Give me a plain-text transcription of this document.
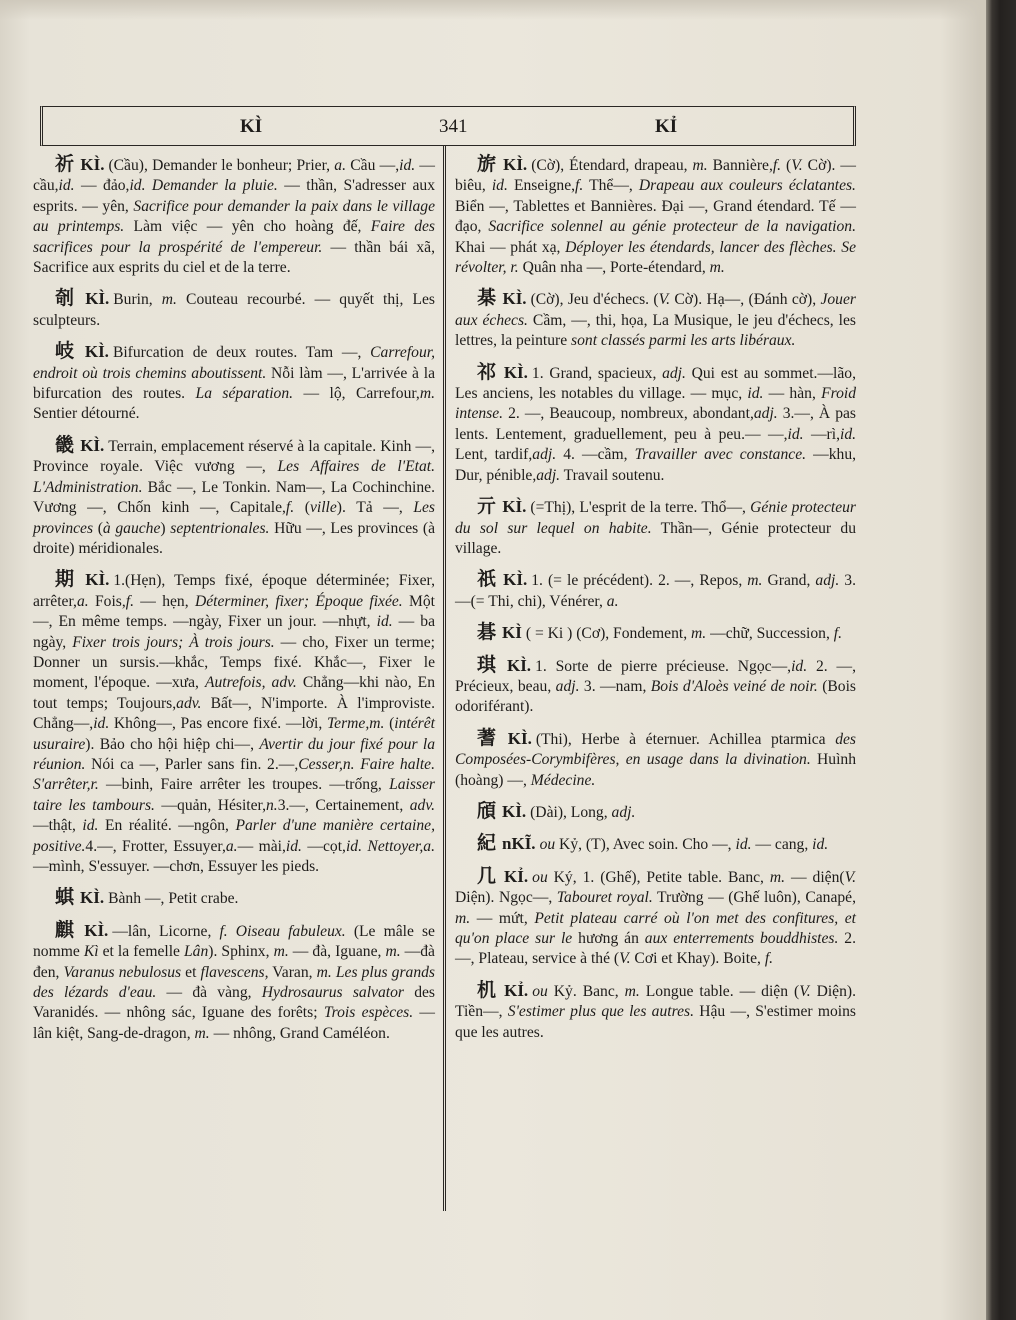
KÌ	341	KỈ

祈 KÌ. (Cầu), Demander le bonheur; Prier, a. Cầu —,id. — cầu,id. — đảo,id. Demander la pluie. — thần, S'adresser aux esprits. — yên, Sacrifice pour demander la paix dans le village au printemps. Làm việc — yên cho hoàng đế, Faire des sacrifices pour la prospérité de l'empereur. — thần bái xã, Sacrifice aux esprits du ciel et de la terre.

剞 KÌ. Burin, m. Couteau recourbé. — quyết thị, Les sculpteurs.

岐 KÌ. Bifurcation de deux routes. Tam —, Carrefour, endroit où trois chemins aboutissent. Nỗi làm —, L'arrivée à la bifurcation des routes. La séparation. — lộ, Carrefour,m. Sentier détourné.

畿 KÌ. Terrain, emplacement réservé à la capitale. Kinh —, Province royale. Việc vương —, Les Affaires de l'Etat. L'Administration. Bắc —, Le Tonkin. Nam—, La Cochinchine. Vương —, Chốn kinh —, Capitale,f. (ville). Tả —, Les provinces (à gauche) septentrionales. Hữu —, Les provinces (à droite) méridionales.

期 KÌ. 1.(Hẹn), Temps fixé, époque déterminée; Fixer, arrêter,a. Fois,f. — hẹn, Déterminer, fixer; Époque fixée. Một—, En même temps. —ngày, Fixer un jour. —nhựt, id. — ba ngày, Fixer trois jours; À trois jours. — cho, Fixer un terme; Donner un sursis.—khắc, Temps fixé. Khắc—, Fixer le moment, l'époque. —xưa, Autrefois, adv. Chẳng—khi nào, En tout temps; Toujours,adv. Bất—, N'importe. À l'improviste. Chẳng—,id. Không—, Pas encore fixé. —lời, Terme,m. (intérêt usuraire). Bảo cho hội hiệp chi—, Avertir du jour fixé pour la réunion. Nói ca —, Parler sans fin. 2.—,Cesser,n. Faire halte. S'arrêter,r. —binh, Faire arrêter les troupes. —trống, Laisser taire les tambours. —quản, Hésiter,n.3.—, Certainement, adv. —thật, id. En réalité. —ngôn, Parler d'une manière certaine, positive.4.—, Frotter, Essuyer,a.— mài,id. —cọt,id. Nettoyer,a.—mình, S'essuyer. —chơn, Essuyer les pieds.

蜞 KÌ. Bành —, Petit crabe.

麒 KÌ. —lân, Licorne, f. Oiseau fabuleux. (Le mâle se nomme Kì et la femelle Lân). Sphinx, m. — đà, Iguane, m. —đà đen, Varanus nebulosus et flavescens, Varan, m. Les plus grands des lézards d'eau. — đà vàng, Hydrosaurus salvator des Varanidés. — nhông sác, Iguane des forêts; Trois espèces. — lân kiệt, Sang-de-dragon, m. — nhông, Grand Caméléon.

旂 KÌ. (Cờ), Étendard, drapeau, m. Bannière,f. (V. Cờ). —biêu, id. Enseigne,f. Thể—, Drapeau aux couleurs éclatantes. Biển —, Tablettes et Bannières. Đại —, Grand étendard. Tế — đạo, Sacrifice solennel au génie protecteur de la navigation. Khai — phát xạ, Déployer les étendards, lancer des flèches. Se révolter, r. Quân nha —, Porte-étendard, m.

棊 KÌ. (Cờ), Jeu d'échecs. (V. Cờ). Hạ—, (Đánh cờ), Jouer aux échecs. Cầm, —, thi, họa, La Musique, le jeu d'échecs, les lettres, la peinture sont classés parmi les arts libéraux.

祁 KÌ. 1. Grand, spacieux, adj. Qui est au sommet.—lão, Les anciens, les notables du village. — mục, id. — hàn, Froid intense. 2. —, Beaucoup, nombreux, abondant,adj. 3.—, À pas lents. Lentement, graduellement, peu à peu.— —,id. —rì,id. Lent, tardif,adj. 4. —cầm, Travailler avec constance. —khu, Dur, pénible,adj. Travail soutenu.

亓 KÌ. (=Thị), L'esprit de la terre. Thổ—, Génie protecteur du sol sur lequel on habite. Thần—, Génie protecteur du village.

祇 KÌ. 1. (= le précédent). 2. —, Repos, m. Grand, adj. 3.—(= Thi, chi), Vénérer, a.

碁 KÌ ( = Ki ) (Cơ), Fondement, m. —chữ, Succession, f.

琪 KÌ. 1. Sorte de pierre précieuse. Ngọc—,id. 2. —, Précieux, beau, adj. 3. —nam, Bois d'Aloès veiné de noir. (Bois odoriférant).

蓍 KÌ. (Thi), Herbe à éternuer. Achillea ptarmica des Composées-Corymbifères, en usage dans la divination. Huình (hoàng) —, Médecine.

頎 KÌ. (Dài), Long, adj.

紀 nKĨ. ou Kỷ, (T), Avec soin. Cho —, id. — cang, id.

几 KỈ. ou Ký, 1. (Ghế), Petite table. Banc, m. — diện(V. Diện). Ngọc—, Tabouret royal. Trường — (Ghế luôn), Canapé, m. — mứt, Petit plateau carré où l'on met des confitures, et qu'on place sur le hương án aux enterrements bouddhistes. 2. —, Plateau, service à thé (V. Cơi et Khay). Boite, f.

机 KỈ. ou Kỷ. Banc, m. Longue table. — diện (V. Diện). Tiền—, S'estimer plus que les autres. Hậu —, S'estimer moins que les autres.
